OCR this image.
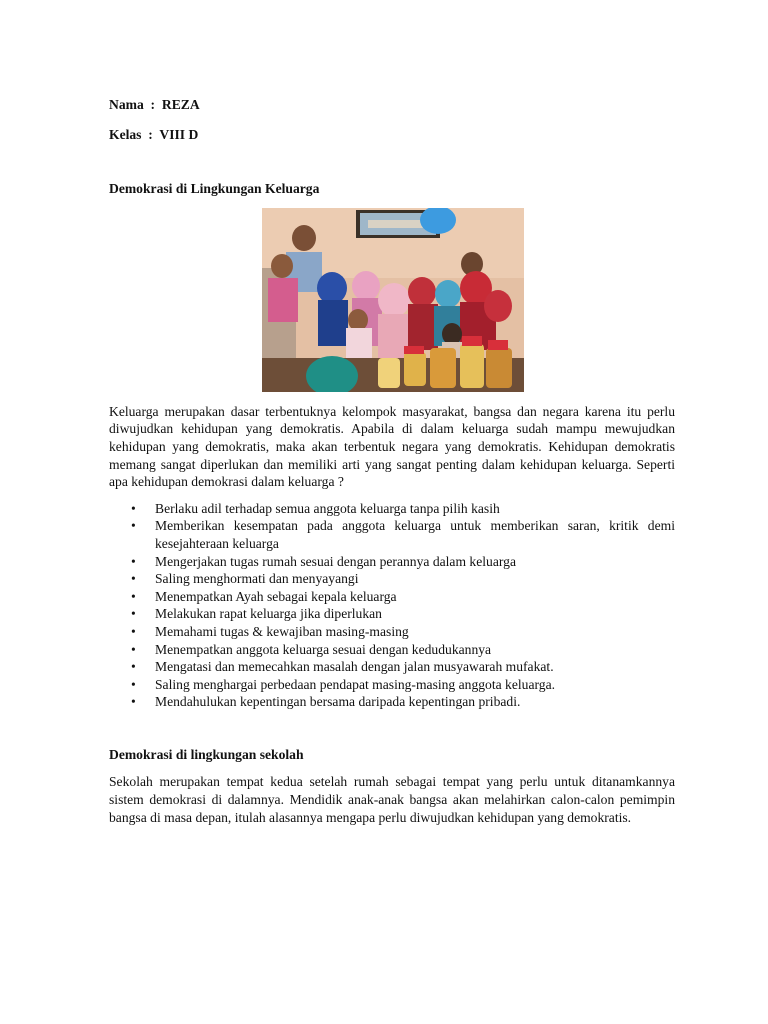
Nama : REZA

Kelas : VIII D

Demokrasi di Lingkungan Keluarga

Keluarga merupakan dasar terbentuknya kelompok masyarakat, bangsa dan negara karena itu perlu diwujudkan kehidupan yang demokratis. Apabila di dalam keluarga sudah mampu mewujudkan kehidupan yang demokratis, maka akan terbentuk negara yang demokratis. Kehidupan demokratis memang sangat diperlukan dan memiliki arti yang sangat penting dalam kehidupan keluarga. Seperti apa kehidupan demokrasi dalam keluarga ?

• Berlaku adil terhadap semua anggota keluarga tanpa pilih kasih
• Memberikan kesempatan pada anggota keluarga untuk memberikan saran, kritik demi kesejahteraan keluarga
• Mengerjakan tugas rumah sesuai dengan perannya dalam keluarga
• Saling menghormati dan menyayangi
• Menempatkan Ayah sebagai kepala keluarga
• Melakukan rapat keluarga jika diperlukan
• Memahami tugas & kewajiban masing-masing
• Menempatkan anggota keluarga sesuai dengan kedudukannya
• Mengatasi dan memecahkan masalah dengan jalan musyawarah mufakat.
• Saling menghargai perbedaan pendapat masing-masing anggota keluarga.
• Mendahulukan kepentingan bersama daripada kepentingan pribadi.

Demokrasi di lingkungan sekolah

Sekolah merupakan tempat kedua setelah rumah sebagai tempat yang perlu untuk ditanamkannya sistem demokrasi di dalamnya. Mendidik anak-anak bangsa akan melahirkan calon-calon pemimpin bangsa di masa depan, itulah alasannya mengapa perlu diwujudkan kehidupan yang demokratis.
